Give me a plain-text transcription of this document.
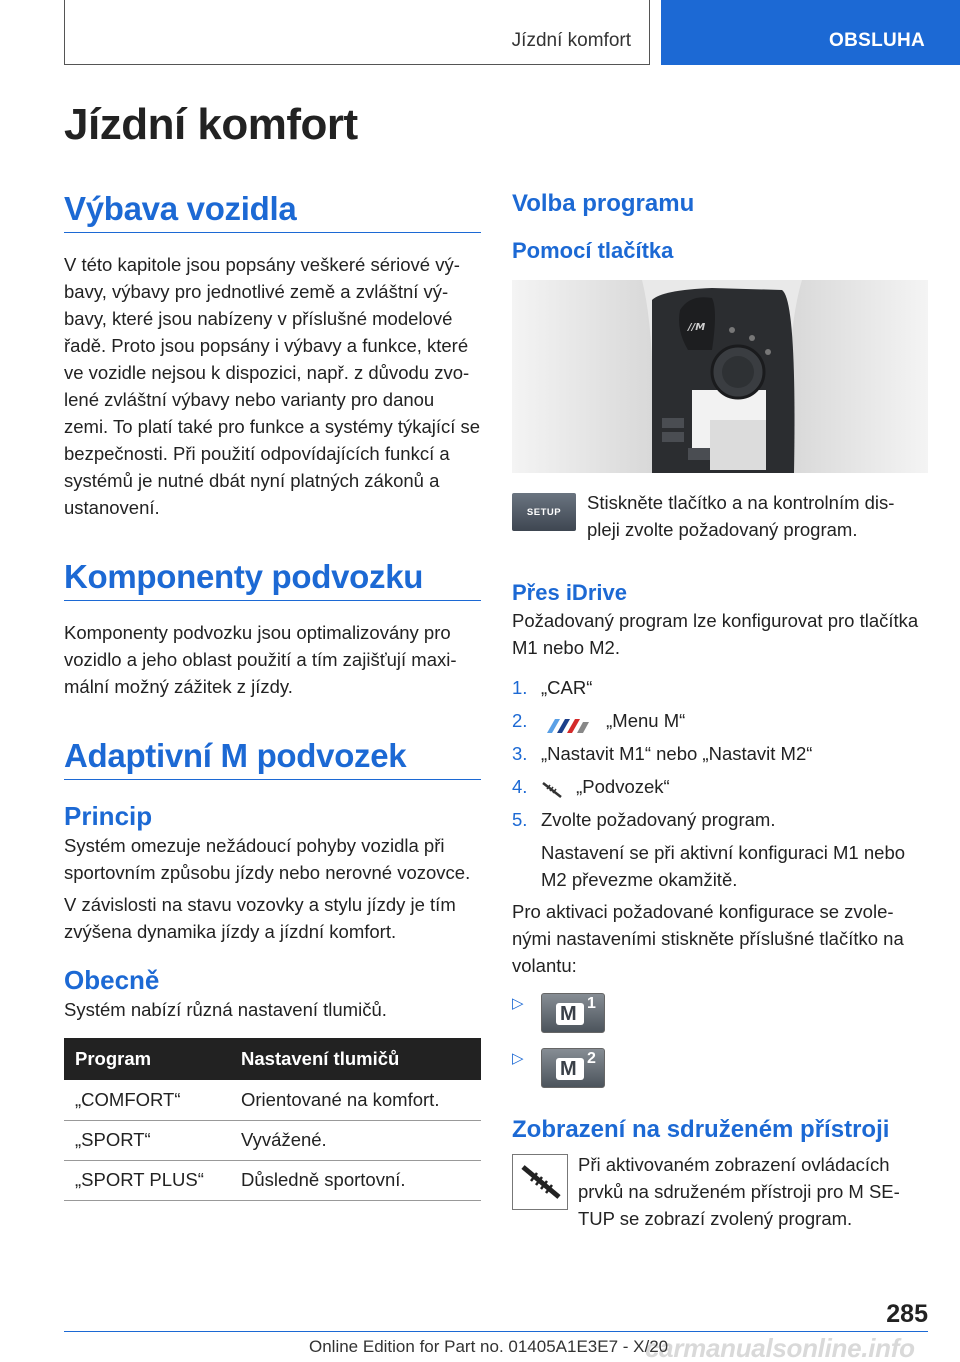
Jízdní komfort	OBSLUHA
Jízdní komfort
Výbava vozidla
V této kapitole jsou popsány veškeré sériové vý-bavy, výbavy pro jednotlivé země a zvláštní vý-bavy, které jsou nabízeny v příslušné modelové řadě. Proto jsou popsány i výbavy a funkce, které ve vozidle nejsou k dispozici, např. z důvodu zvo-lené zvláštní výbavy nebo varianty pro danou zemi. To platí také pro funkce a systémy týkající se bezpečnosti. Při použití odpovídajících funkcí a systémů je nutné dbát nyní platných zákonů a ustanovení.
Komponenty podvozku
Komponenty podvozku jsou optimalizovány pro vozidlo a jeho oblast použití a tím zajišťují maxi-mální možný zážitek z jízdy.
Adaptivní M podvozek
Princip
Systém omezuje nežádoucí pohyby vozidla při sportovním způsobu jízdy nebo nerovné vozovce.
V závislosti na stavu vozovky a stylu jízdy je tím zvýšena dynamika jízdy a jízdní komfort.
Obecně
Systém nabízí různá nastavení tlumičů.
Program	Nastavení tlumičů
„COMFORT“	Orientované na komfort.
„SPORT“	Vyvážené.
„SPORT PLUS“	Důsledně sportovní.
Volba programu
Pomocí tlačítka
//M
SETUP	Stiskněte tlačítko a na kontrolním dis-pleji zvolte požadovaný program.
Přes iDrive
Požadovaný program lze konfigurovat pro tlačítka M1 nebo M2.
1. „CAR“
2.	„Menu M“
3. „Nastavit M1“ nebo „Nastavit M2“
4.	„Podvozek“
5. Zvolte požadovaný program.
Nastavení se při aktivní konfiguraci M1 nebo M2 převezme okamžitě.
Pro aktivaci požadované konfigurace se zvole-nými nastaveními stiskněte příslušné tlačítko na volantu:
▷	M 1
▷	M 2
Zobrazení na sdruženém přístroji
Při aktivovaném zobrazení ovládacích prvků na sdruženém přístroji pro M SE-TUP se zobrazí zvolený program.
285
carmanualsonline.info
Online Edition for Part no. 01405A1E3E7 - X/20
